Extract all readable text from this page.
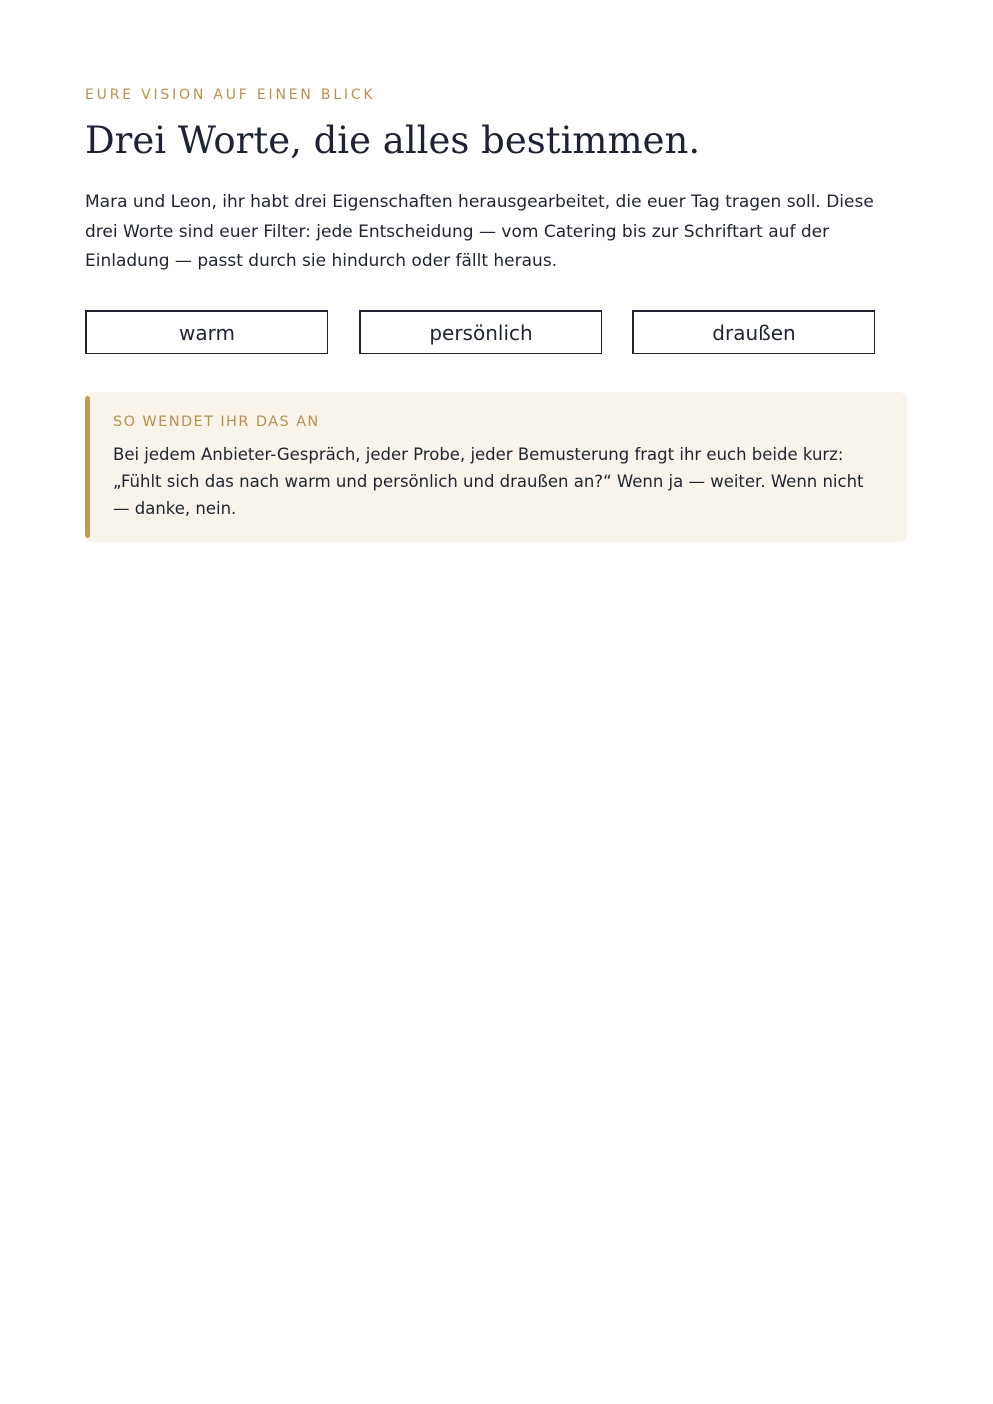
EURE VISION AUF EINEN BLICK
Drei Worte, die alles bestimmen.

Mara und Leon, ihr habt drei Eigenschaften herausgearbeitet, die euer Tag tragen soll. Diese drei Worte sind euer Filter: jede Entscheidung — vom Catering bis zur Schriftart auf der Einladung — passt durch sie hindurch oder fällt heraus.

warm	persönlich	draußen
SO WENDET IHR DAS AN

Bei jedem Anbieter-Gespräch, jeder Probe, jeder Bemusterung fragt ihr euch beide kurz: „Fühlt sich das nach warm und persönlich und draußen an?“ Wenn ja — weiter. Wenn nicht — danke, nein.
